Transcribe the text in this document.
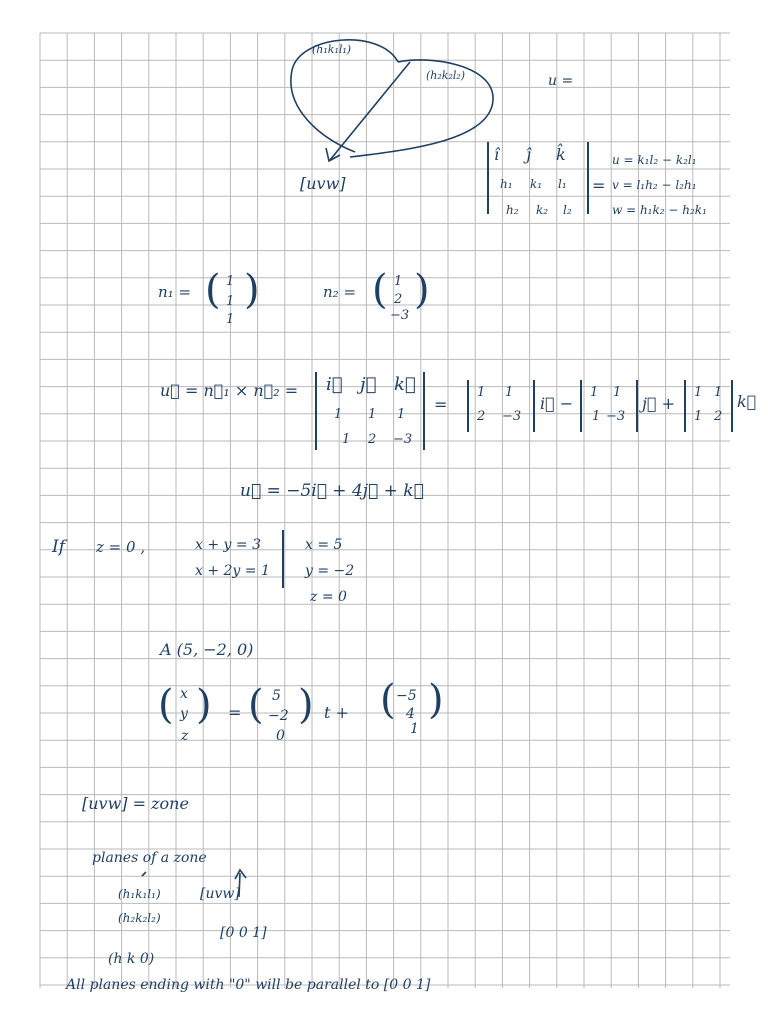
(h₁k₁l₁)
(h₂k₂l₂)
[uvw]
u =
î ĵ k̂
h₁ k₁ l₁
h₂ k₂ l₂
=
u = k₁l₂ − k₂l₁
v = l₁h₂ − l₂h₁
w = h₁k₂ − h₂k₁
n₁ = ( 1
1
1
)	n₂ = ( 1
2
−3
)
u⃗ = n⃗₁ × n⃗₂ = i⃗ j⃗ k⃗
1 1 1
1 2 −3
=
1 1
2 −3
i⃗ −
1 1
1 −3
j⃗ +
1 1
1 2
k⃗
u⃗ = −5i⃗ + 4j⃗ + k⃗
If z = 0 ,	x + y = 3
x + 2y = 1
x = 5
y = −2
z = 0
A (5, −2, 0)
( x
y
z
) = ( 5
−2
0
) t + ( −5
4
1
)
[uvw] = zone
planes of a zone
(h₁k₁l₁)
(h₂k₂l₂)
[uvw]
[0 0 1]
(h k 0)
All planes ending with "0" will be parallel to [0 0 1]
